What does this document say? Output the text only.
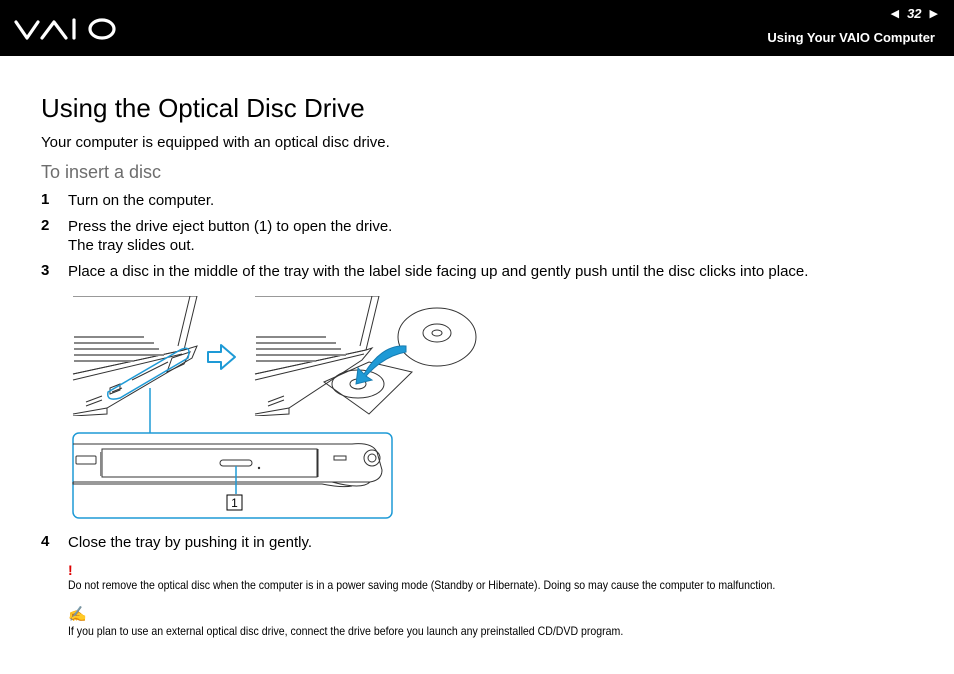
◀ 32 ▶
Using Your VAIO Computer
Using the Optical Disc Drive

Your computer is equipped with an optical disc drive.

To insert a disc
1	Turn on the computer.
2	Press the drive eject button (1) to open the drive.
The tray slides out.
3	Place a disc in the middle of the tray with the label side facing up and gently push until the disc clicks into place.
1
4	Close the tray by pushing it in gently.
!
Do not remove the optical disc when the computer is in a power saving mode (Standby or Hibernate). Doing so may cause the computer to malfunction.
✍
If you plan to use an external optical disc drive, connect the drive before you launch any preinstalled CD/DVD program.
